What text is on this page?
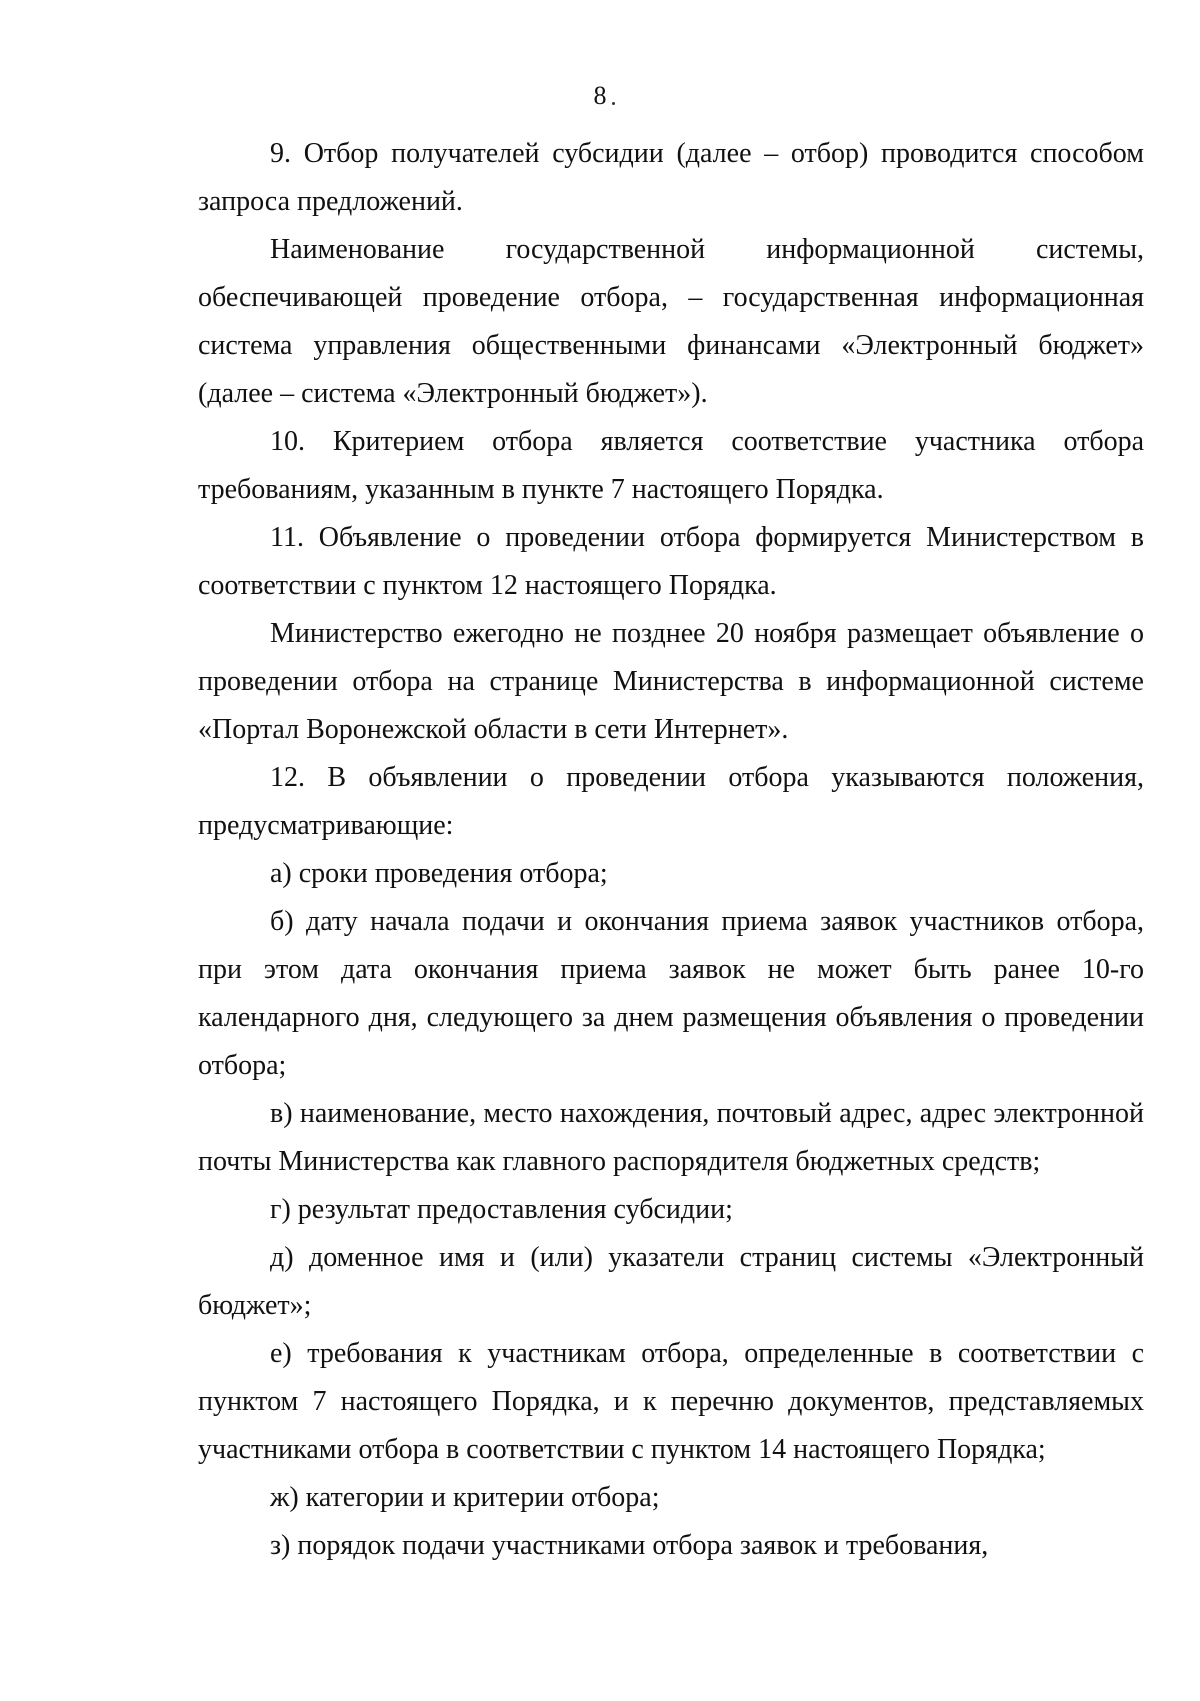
8

9. Отбор получателей субсидии (далее – отбор) проводится способом запроса предложений.

Наименование государственной информационной системы, обеспечивающей проведение отбора, – государственная информационная система управления общественными финансами «Электронный бюджет» (далее – система «Электронный бюджет»).

10. Критерием отбора является соответствие участника отбора требованиям, указанным в пункте 7 настоящего Порядка.

11. Объявление о проведении отбора формируется Министерством в соответствии с пунктом 12 настоящего Порядка.

Министерство ежегодно не позднее 20 ноября размещает объявление о проведении отбора на странице Министерства в информационной системе «Портал Воронежской области в сети Интернет».

12. В объявлении о проведении отбора указываются положения, предусматривающие:

а) сроки проведения отбора;

б) дату начала подачи и окончания приема заявок участников отбора, при этом дата окончания приема заявок не может быть ранее 10-го календарного дня, следующего за днем размещения объявления о проведении отбора;

в) наименование, место нахождения, почтовый адрес, адрес электронной почты Министерства как главного распорядителя бюджетных средств;

г) результат предоставления субсидии;

д) доменное имя и (или) указатели страниц системы «Электронный бюджет»;

е) требования к участникам отбора, определенные в соответствии с пунктом 7 настоящего Порядка, и к перечню документов, представляемых участниками отбора в соответствии с пунктом 14 настоящего Порядка;

ж) категории и критерии отбора;

з) порядок подачи участниками отбора заявок и требования,
